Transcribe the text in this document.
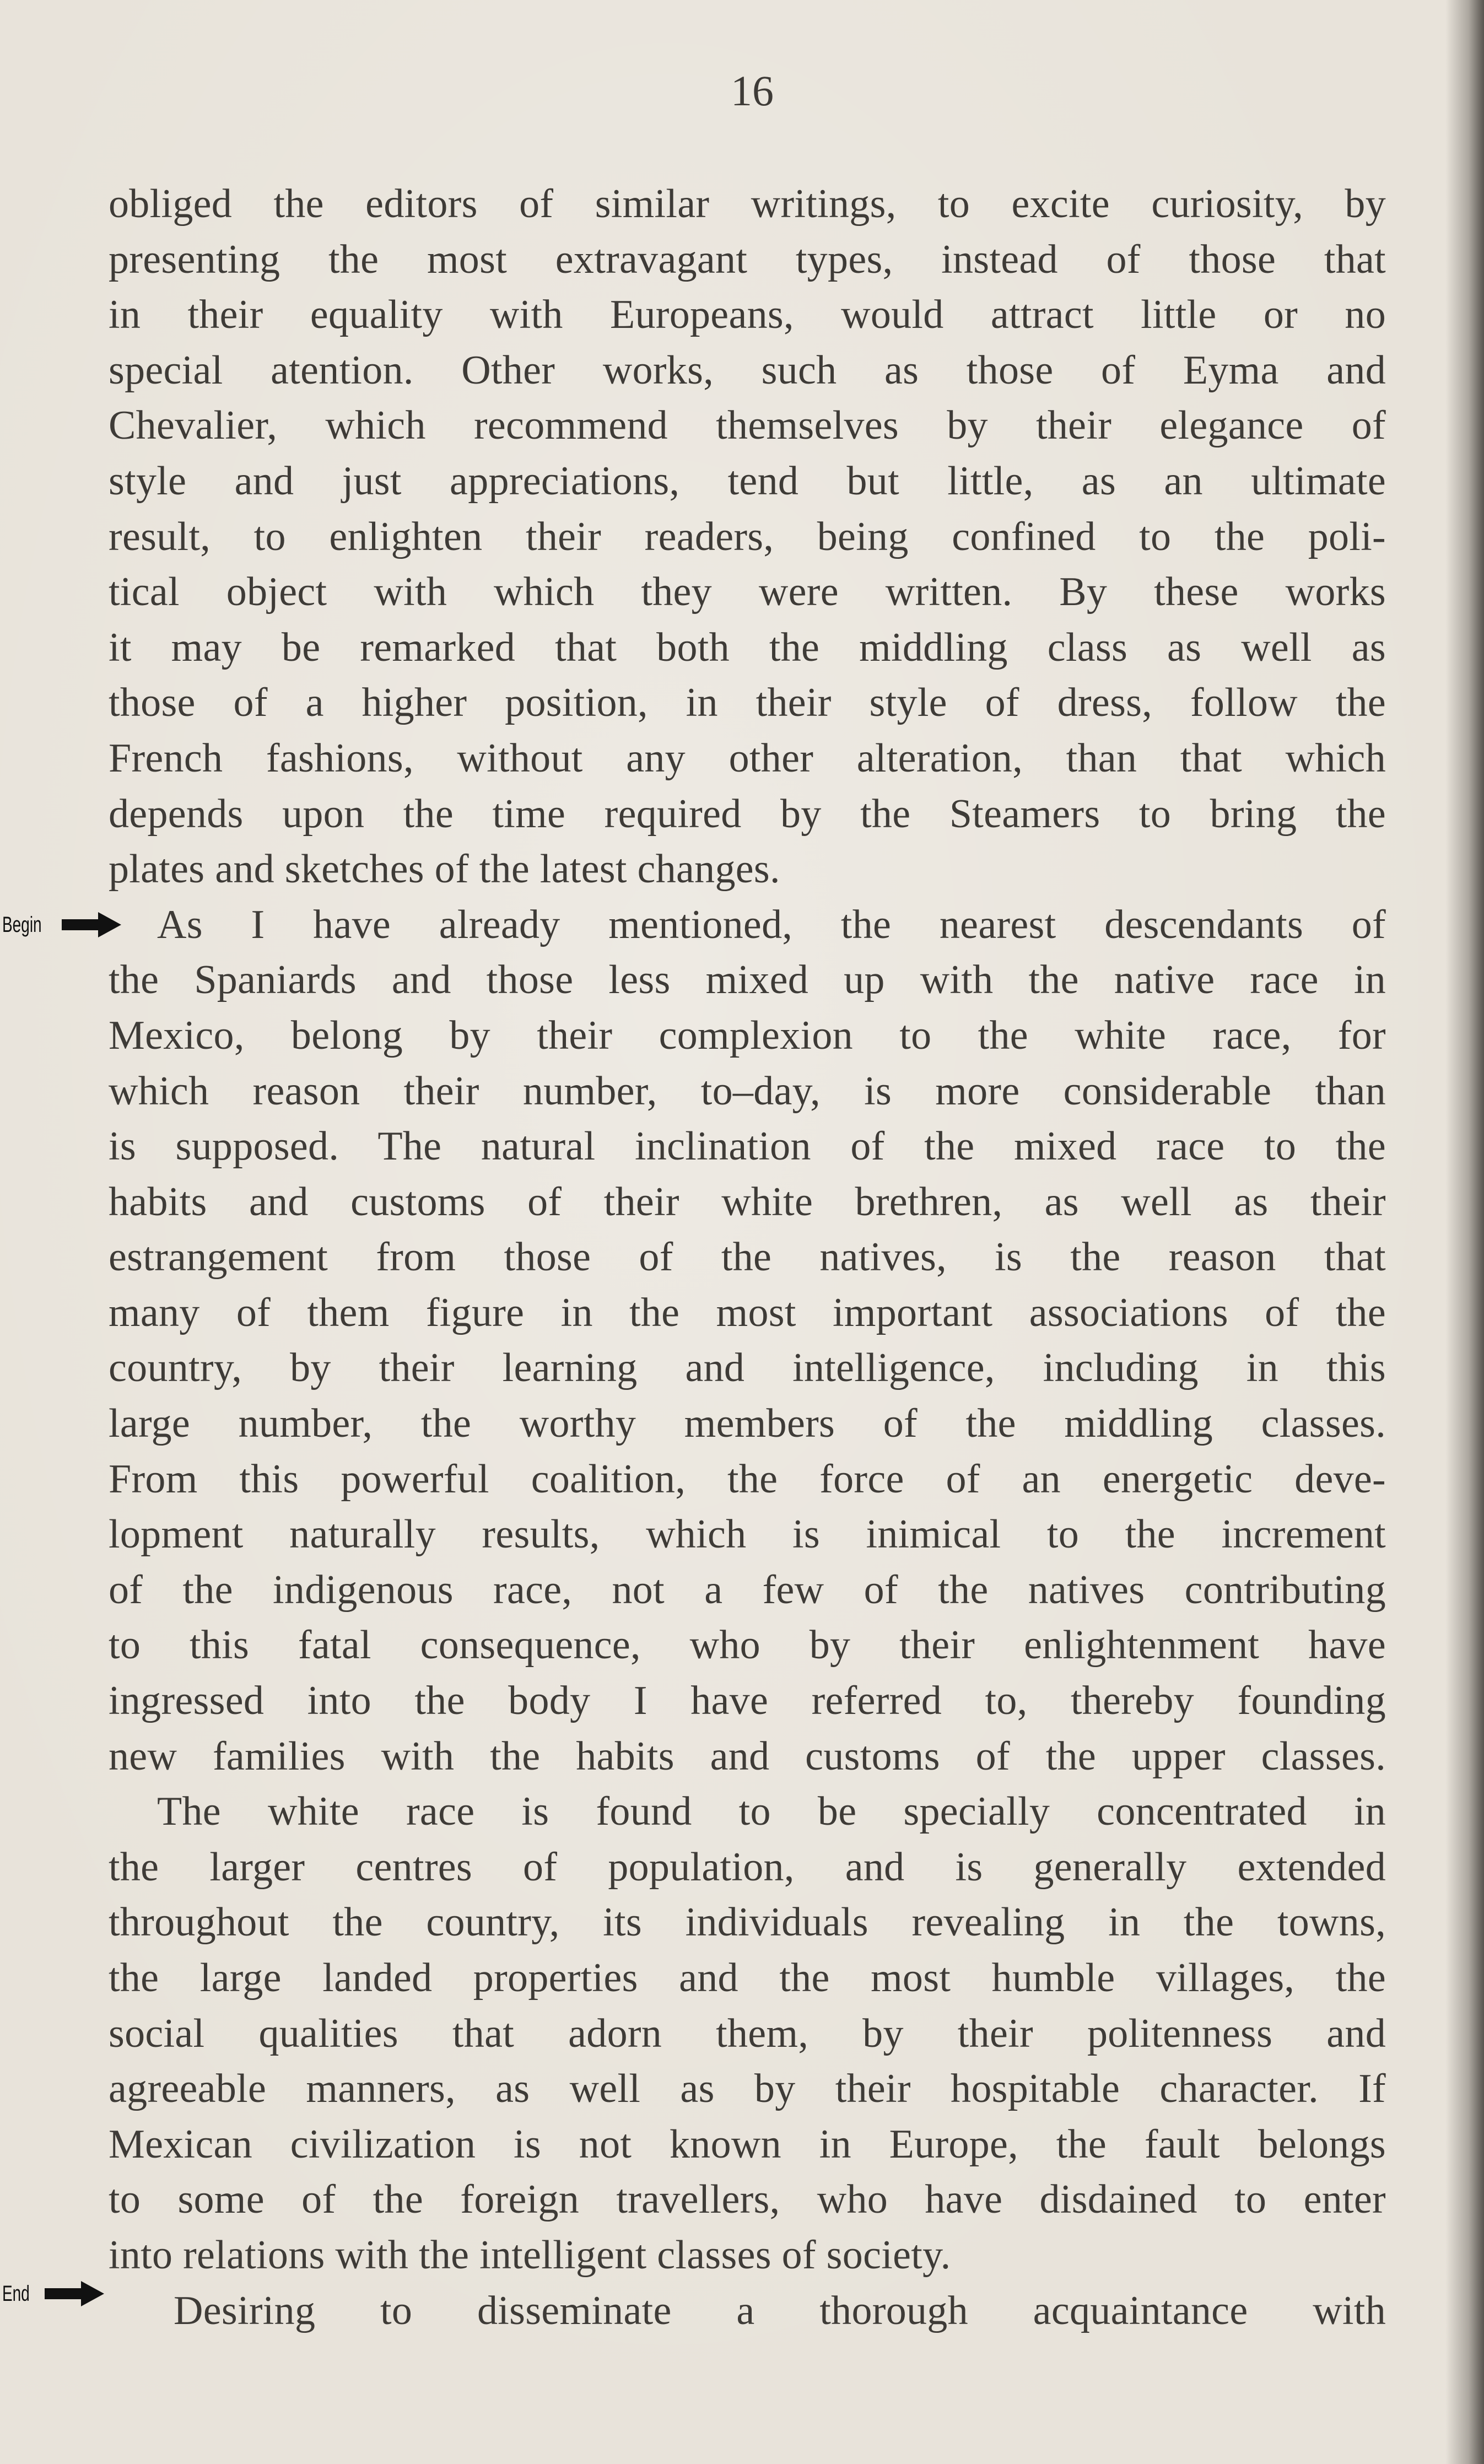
16
Begin
End
obliged the editors of similar writings, to excite curiosity, by
presenting the most extravagant types, instead of those that
in their equality with Europeans, would attract little or no
special atention. Other works, such as those of Eyma and
Chevalier, which recommend themselves by their elegance of
style and just appreciations, tend but little, as an ultimate
result, to enlighten their readers, being confined to the poli-
tical object with which they were written. By these works
it may be remarked that both the middling class as well as
those of a higher position, in their style of dress, follow the
French fashions, without any other alteration, than that which
depends upon the time required by the Steamers to bring the
plates and sketches of the latest changes.
As I have already mentioned, the nearest descendants of
the Spaniards and those less mixed up with the native race in
Mexico, belong by their complexion to the white race, for
which reason their number, to–day, is more considerable than
is supposed. The natural inclination of the mixed race to the
habits and customs of their white brethren, as well as their
estrangement from those of the natives, is the reason that
many of them figure in the most important associations of the
country, by their learning and intelligence, including in this
large number, the worthy members of the middling classes.
From this powerful coalition, the force of an energetic deve-
lopment naturally results, which is inimical to the increment
of the indigenous race, not a few of the natives contributing
to this fatal consequence, who by their enlightenment have
ingressed into the body I have referred to, thereby founding
new families with the habits and customs of the upper classes.
The white race is found to be specially concentrated in
the larger centres of population, and is generally extended
throughout the country, its individuals revealing in the towns,
the large landed properties and the most humble villages, the
social qualities that adorn them, by their politenness and
agreeable manners, as well as by their hospitable character. If
Mexican civilization is not known in Europe, the fault belongs
to some of the foreign travellers, who have disdained to enter
into relations with the intelligent classes of society.
Desiring to disseminate a thorough acquaintance with
